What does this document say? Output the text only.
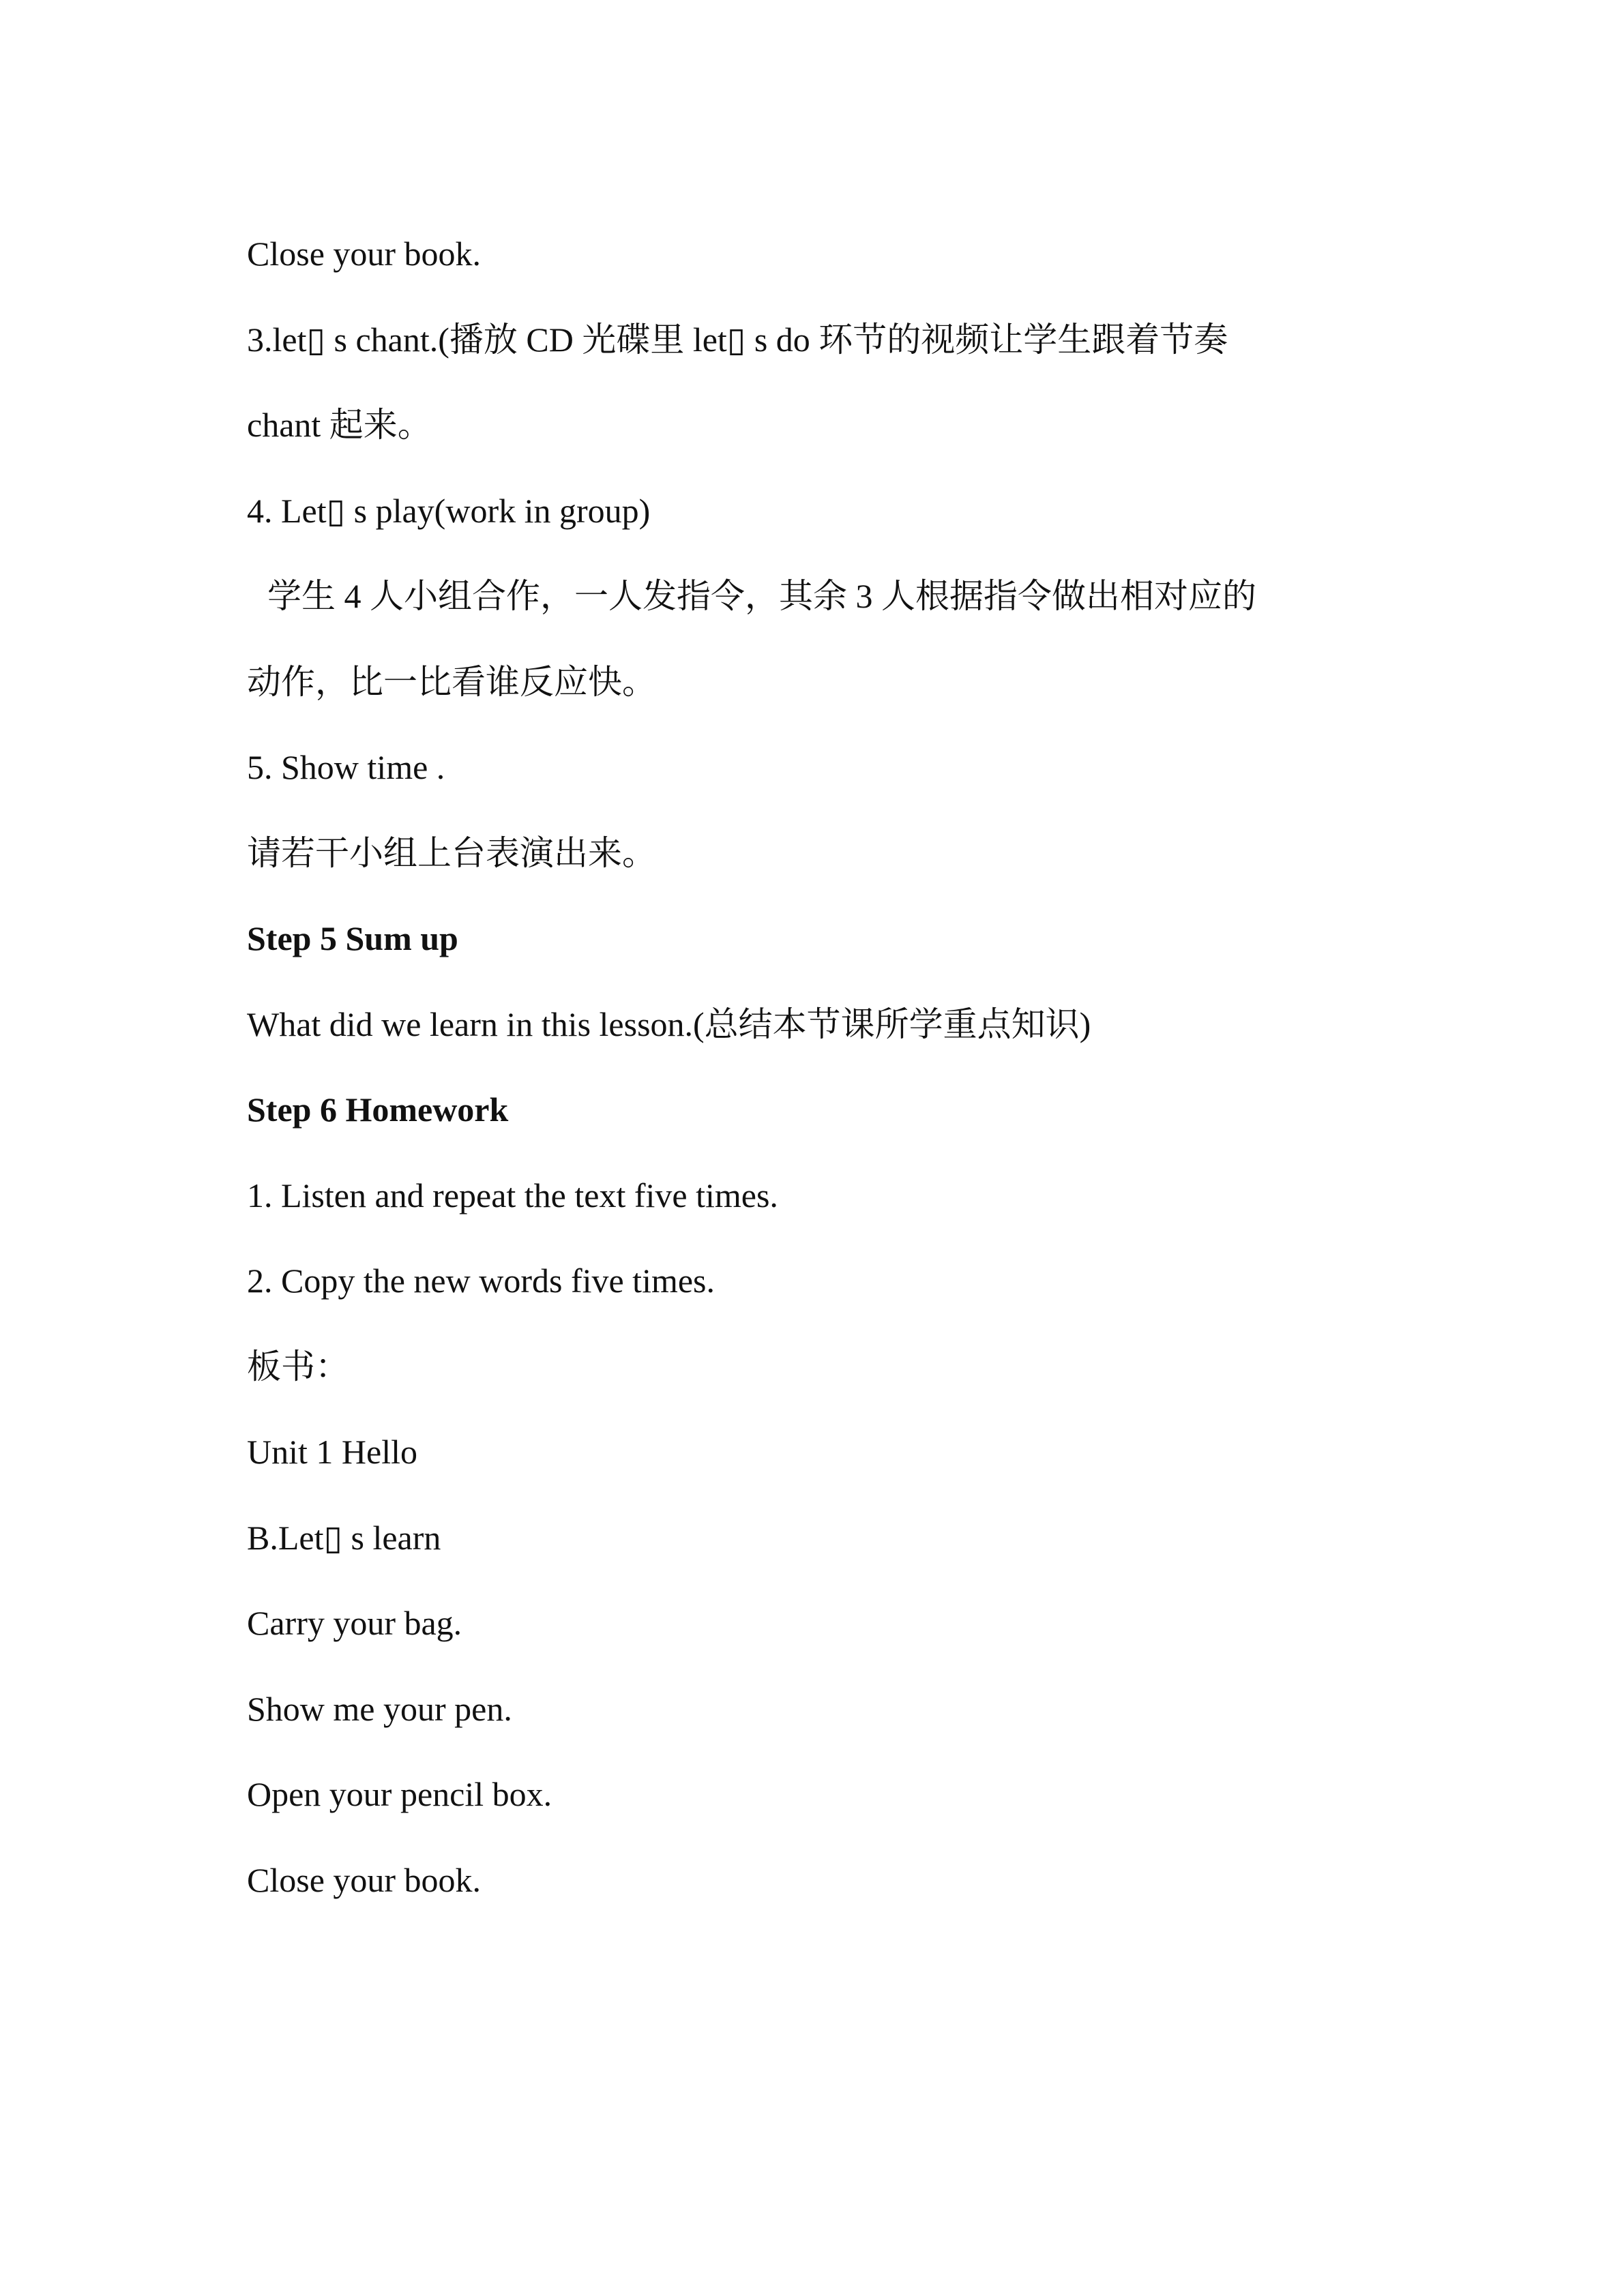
Close your book.
3.let▯ s chant.(播放 CD 光碟里 let▯ s do 环节的视频让学生跟着节奏
chant 起来。
4. Let▯ s play(work in group)
学生 4 人小组合作，一人发指令，其余 3 人根据指令做出相对应的
动作，比一比看谁反应快。
5. Show time .
请若干小组上台表演出来。
Step 5 Sum up
What did we learn in this lesson.(总结本节课所学重点知识)
Step 6 Homework
1. Listen and repeat the text five times.
2. Copy the new words five times.
板书：
Unit 1 Hello
B.Let▯ s learn
Carry your bag.
Show me your pen.
Open your pencil box.
Close your book.
